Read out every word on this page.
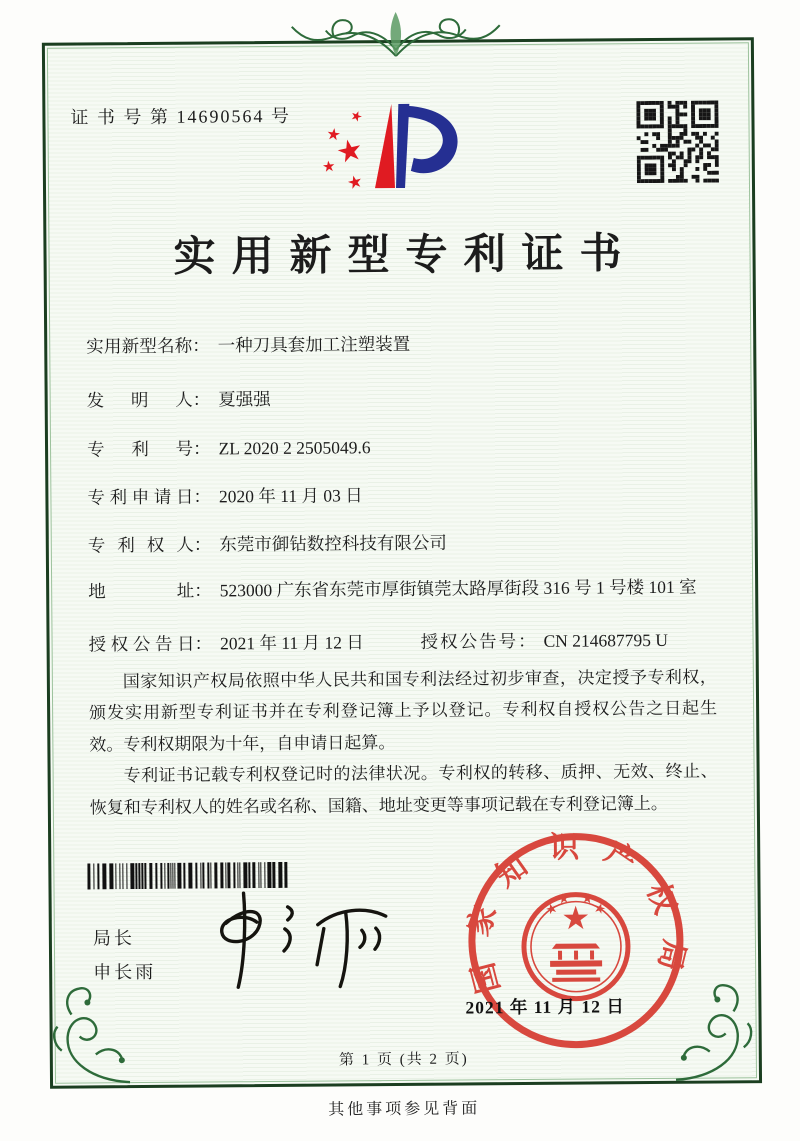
证 书 号 第 14690564 号
实用新型专利证书
实用新型名称 ： 一种刀具套加工注塑装置
发明人 ： 夏强强
专利号 ： ZL 2020 2 2505049.6
专利申请日 ： 2020 年 11 月 03 日
专利权人 ： 东莞市御钻数控科技有限公司
地址 ： 523000 广东省东莞市厚街镇莞太路厚街段 316 号 1 号楼 101 室
授权公告日 ： 2021 年 11 月 12 日	授权公告号 ： CN 214687795 U

国家知识产权局依照中华人民共和国专利法经过初步审查，决定授予专利权，颁发实用新型专利证书并在专利登记簿上予以登记。专利权自授权公告之日起生效。专利权期限为十年，自申请日起算。

专利证书记载专利权登记时的法律状况。专利权的转移、质押、无效、终止、恢复和专利权人的姓名或名称、国籍、地址变更等事项记载在专利登记簿上。

局长
申长雨	国家知识产权局
2021 年 11 月 12 日
第 1 页 (共 2 页)
其他事项参见背面
